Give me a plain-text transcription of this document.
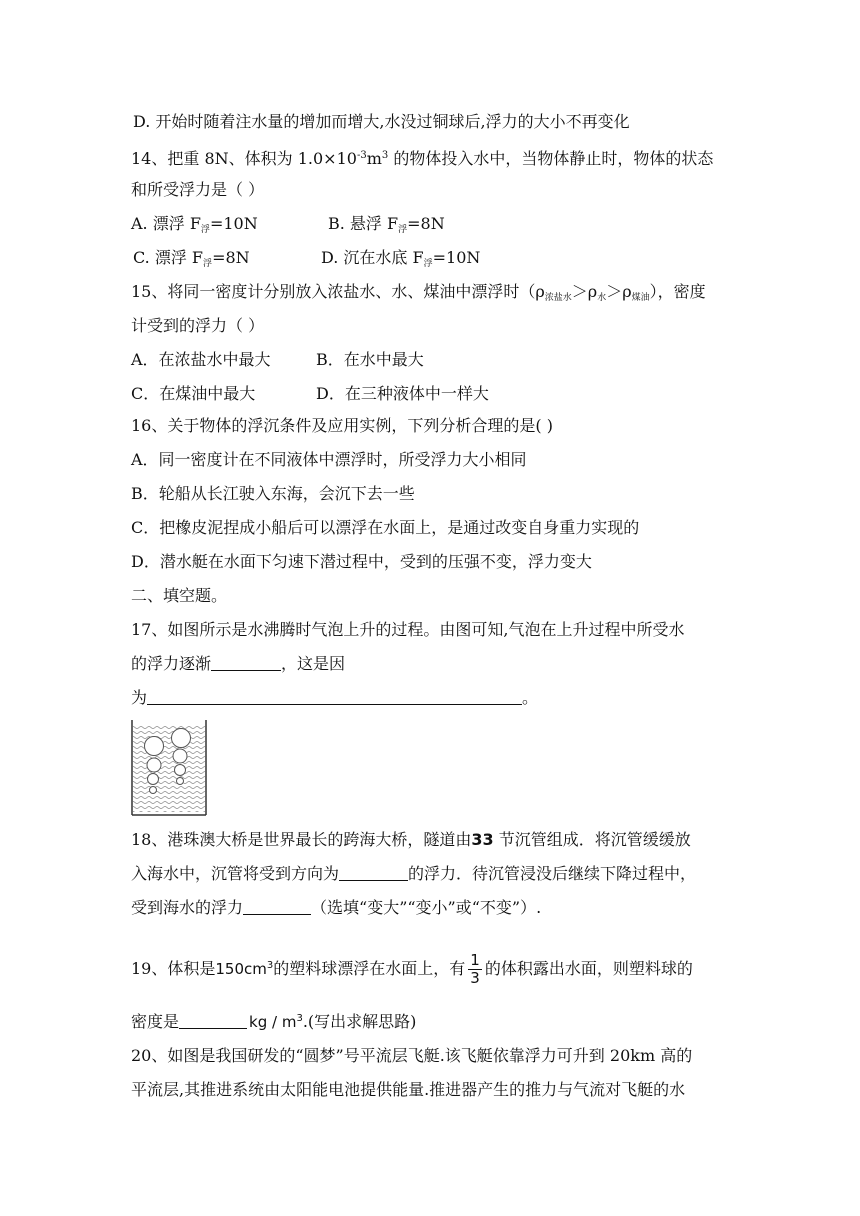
D. 开始时随着注水量的增加而增大,水没过铜球后,浮力的大小不再变化
14、把重 8N、体积为 $1.0\times 10^{-3}m^3$ 的物体投入水中，当物体静止时，物体的状态
和所受浮力是（ ）
A. 漂浮 $F_浮=10N$	B. 悬浮 $F_浮=8N$
C. 漂浮 $F_浮=8N$	D. 沉在水底 $F_浮=10N$
15、将同一密度计分别放入浓盐水、水、煤油中漂浮时$(\rho_{浓盐水}>\rho_水>\rho_{煤油})$，密度
计受到的浮力（ ）
A．在浓盐水中最大	B．在水中最大
C．在煤油中最大	D．在三种液体中一样大
16、关于物体的浮沉条件及应用实例，下列分析合理的是( )
A．同一密度计在不同液体中漂浮时，所受浮力大小相同
B．轮船从长江驶入东海，会沉下去一些
C．把橡皮泥捏成小船后可以漂浮在水面上，是通过改变自身重力实现的
D．潜水艇在水面下匀速下潜过程中，受到的压强不变，浮力变大
二、填空题。
17、如图所示是水沸腾时气泡上升的过程。由图可知,气泡在上升过程中所受水
的浮力逐渐	，这是因
为	。
18、港珠澳大桥是世界最长的跨海大桥，隧道由33 节沉管组成．将沉管缓缓放
入海水中，沉管将受到方向为	的浮力．待沉管浸没后继续下降过程中，
受到海水的浮力	（选填“变大”“变小”或“不变”）.
19、体积是$150cm^3$的塑料球漂浮在水面上，有 $\frac{1}{3}$ 的体积露出水面，则塑料球的
密度是	kg / $m^3$.(写出求解思路)
20、如图是我国研发的“圆梦”号平流层飞艇.该飞艇依靠浮力可升到 20km 高的
平流层,其推进系统由太阳能电池提供能量.推进器产生的推力与气流对飞艇的水
